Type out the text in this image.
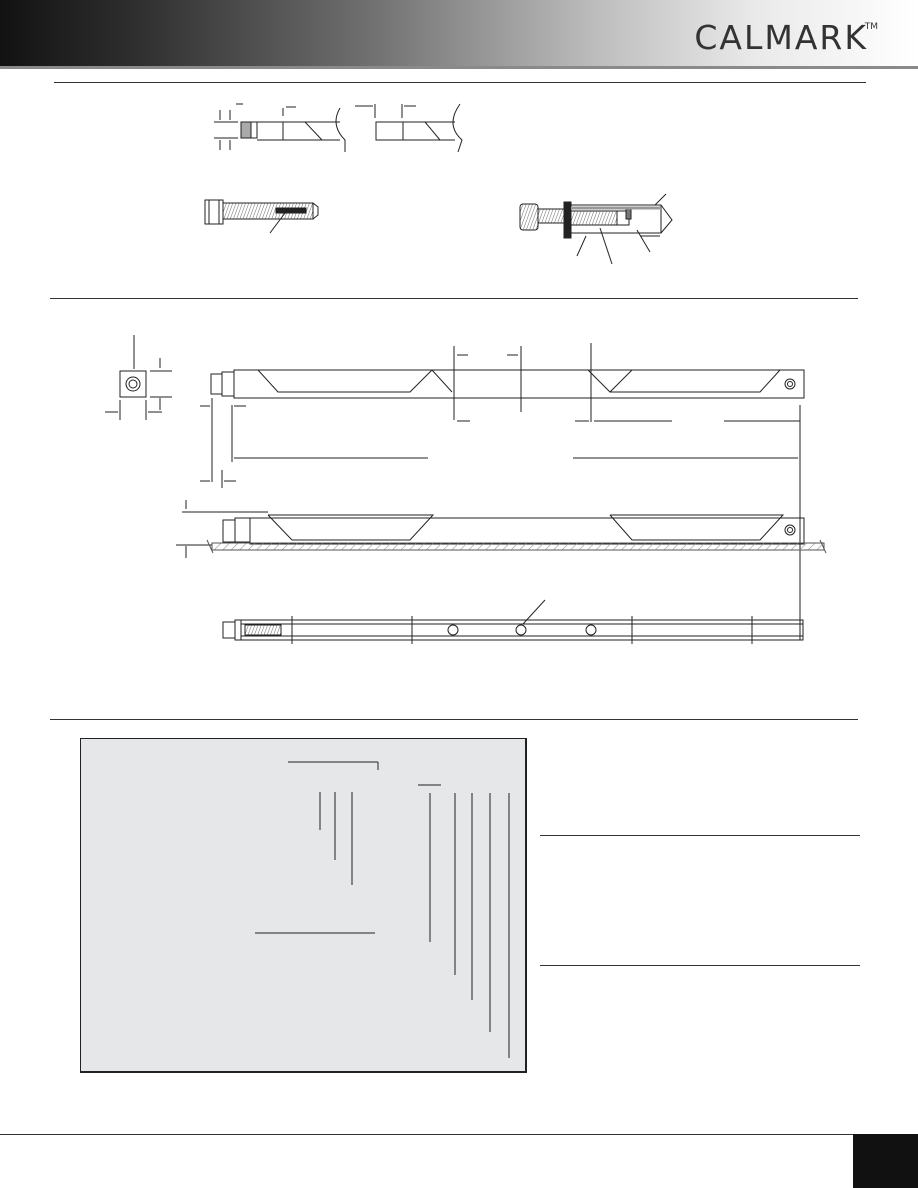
CALMARK
TM
